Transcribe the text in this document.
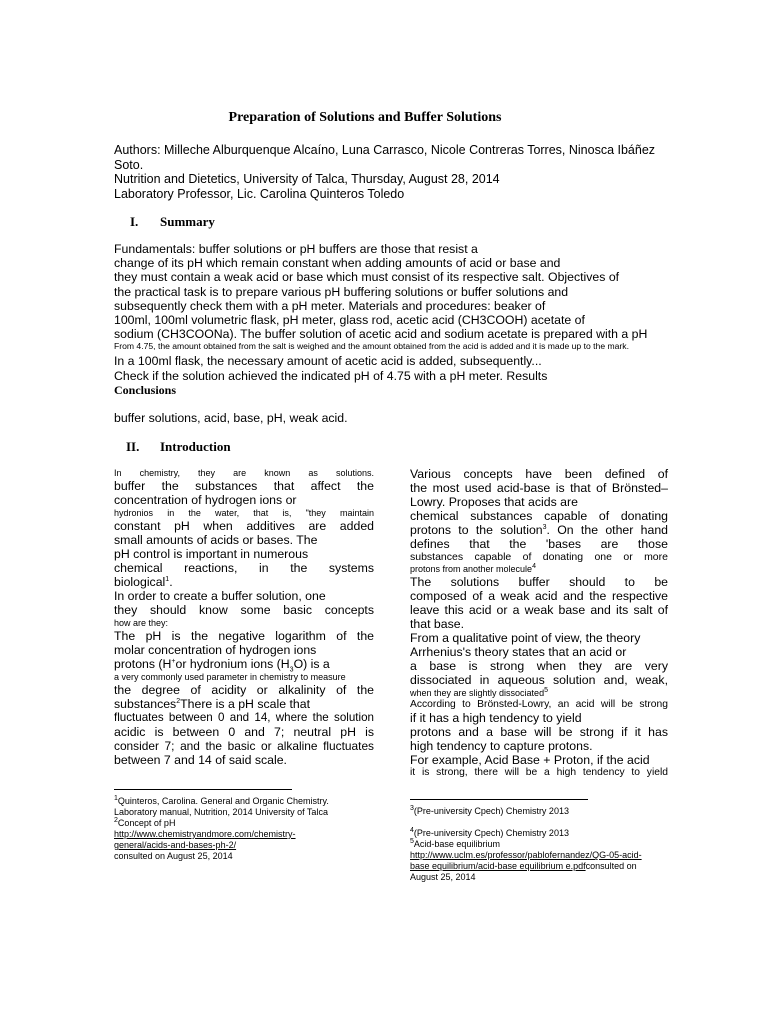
Preparation of Solutions and Buffer Solutions
Authors: Milleche Alburquenque Alcaíno, Luna Carrasco, Nicole Contreras Torres, Ninosca Ibáñez Soto.
Nutrition and Dietetics, University of Talca, Thursday, August 28, 2014
Laboratory Professor, Lic. Carolina Quinteros Toledo
I. Summary
Fundamentals: buffer solutions or pH buffers are those that resist a
change of its pH which remain constant when adding amounts of acid or base and
they must contain a weak acid or base which must consist of its respective salt. Objectives of
the practical task is to prepare various pH buffering solutions or buffer solutions and
subsequently check them with a pH meter. Materials and procedures: beaker of
100ml, 100ml volumetric flask, pH meter, glass rod, acetic acid (CH3COOH) acetate of
sodium (CH3COONa). The buffer solution of acetic acid and sodium acetate is prepared with a pH
From 4.75, the amount obtained from the salt is weighed and the amount obtained from the acid is added and it is made up to the mark.
In a 100ml flask, the necessary amount of acetic acid is added, subsequently...
Check if the solution achieved the indicated pH of 4.75 with a pH meter. Results
Conclusions
buffer solutions, acid, base, pH, weak acid.
II. Introduction
In chemistry, they are known as solutions.
buffer the substances that affect the
concentration of hydrogen ions or
hydronios in the water, that is, "they maintain
constant pH when additives are added
small amounts of acids or bases. The
pH control is important in numerous
chemical reactions, in the systems
biological$^1$.
In order to create a buffer solution, one
they should know some basic concepts
how are they:
The pH is the negative logarithm of the
molar concentration of hydrogen ions
protons (H+or hydronium ions $(H_3O)$ is a
a very commonly used parameter in chemistry to measure
the degree of acidity or alkalinity of the
substances$^2$There is a pH scale that
fluctuates between 0 and 14, where the solution
acidic is between 0 and 7; neutral pH is
consider 7; and the basic or alkaline fluctuates
between 7 and 14 of said scale.
Various concepts have been defined of
the most used acid-base is that of Brönsted–
Lowry. Proposes that acids are
chemical substances capable of donating
protons to the solution$^3$. On the other hand
defines that the 'bases are those
substances capable of donating one or more
protons from another molecule$^4$
The solutions buffer should to be
composed of a weak acid and the respective
leave this acid or a weak base and its salt of
that base.
From a qualitative point of view, the theory
Arrhenius's theory states that an acid or
a base is strong when they are very
dissociated in aqueous solution and, weak,
when they are slightly dissociated$^5$
According to Brönsted-Lowry, an acid will be strong
if it has a high tendency to yield
protons and a base will be strong if it has
high tendency to capture protons.
For example, Acid Base + Proton, if the acid
it is strong, there will be a high tendency to yield
$^1$Quinteros, Carolina. General and Organic Chemistry. Laboratory manual, Nutrition, 2014 University of Talca
$^2$Concept of pH
http://www.chemistryandmore.com/chemistry-general/acids-and-bases-ph-2/
consulted on August 25, 2014
$^3$(Pre-university Cpech) Chemistry 2013
$^4$(Pre-university Cpech) Chemistry 2013
$^5$Acid-base equilibrium
http://www.uclm.es/professor/pablofernandez/QG-05-acid-base equilibrium/acid-base equilibrium e.pdfconsulted on August 25, 2014
